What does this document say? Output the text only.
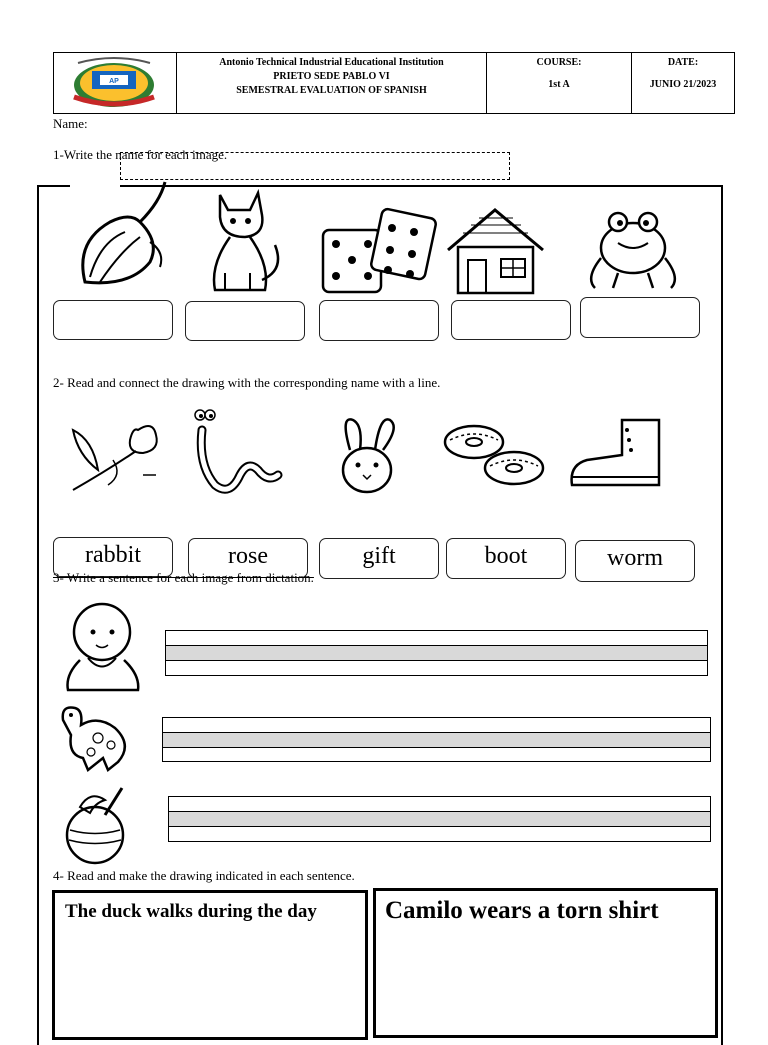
AP
Antonio Technical Industrial Educational Institution
PRIETO SEDE PABLO VI
SEMESTRAL EVALUATION OF SPANISH
COURSE:
1st A
DATE:
JUNIO 21/2023
Name:
1-Write the name for each image.
2- Read and connect the drawing with the corresponding name with a line.
rabbit	rose	gift	boot	worm
3- Write a sentence for each image from dictation.
4- Read and make the drawing indicated in each sentence.
The duck walks during the day	Camilo wears a torn shirt
